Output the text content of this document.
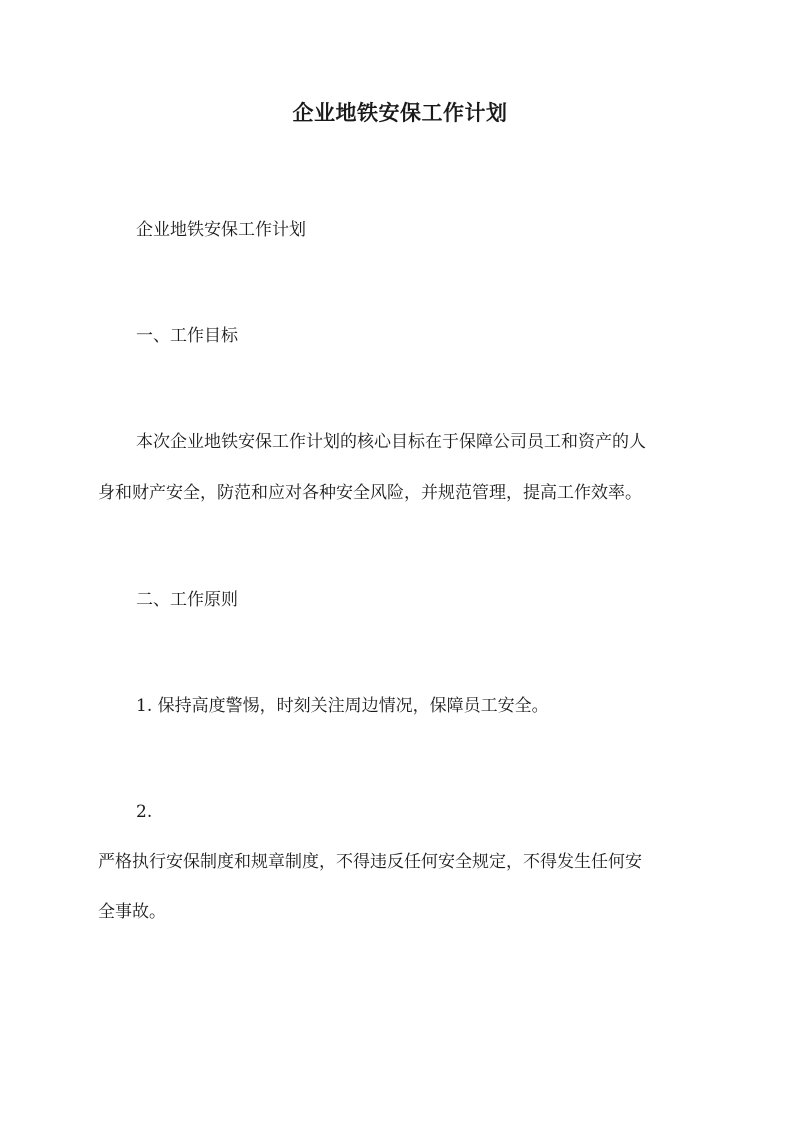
企业地铁安保工作计划
企业地铁安保工作计划
一、工作目标
本次企业地铁安保工作计划的核心目标在于保障公司员工和资产的人
身和财产安全，防范和应对各种安全风险，并规范管理，提高工作效率。
二、工作原则
1. 保持高度警惕，时刻关注周边情况，保障员工安全。
2.
严格执行安保制度和规章制度，不得违反任何安全规定，不得发生任何安
全事故。
